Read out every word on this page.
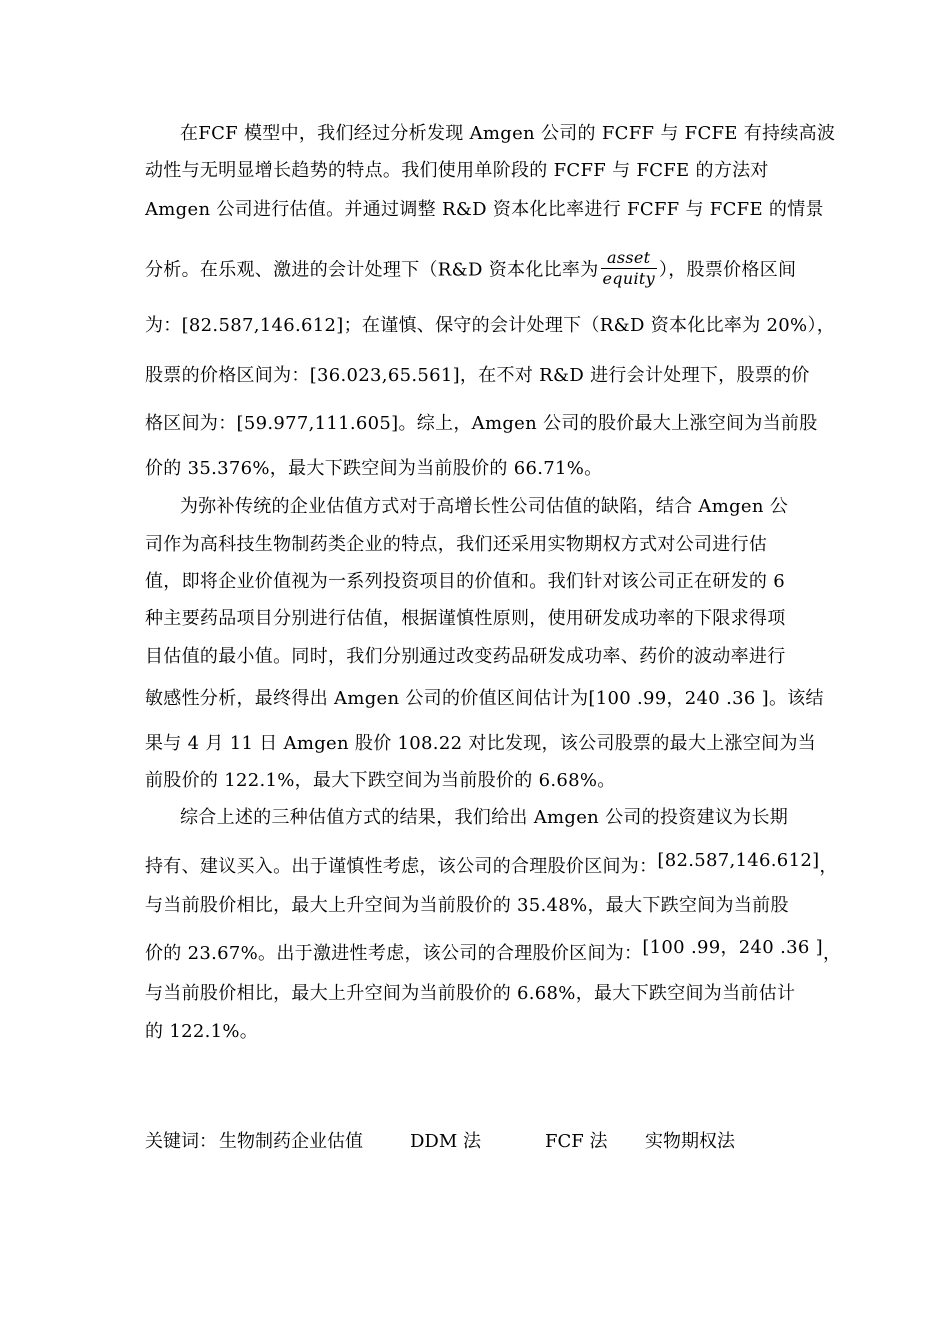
在FCF 模型中，我们经过分析发现 Amgen 公司的 FCFF 与 FCFE 有持续高波
动性与无明显增长趋势的特点。我们使用单阶段的 FCFF 与 FCFE 的方法对
Amgen 公司进行估值。并通过调整 R&D 资本化比率进行 FCFF 与 FCFE 的情景
分析。在乐观、激进的会计处理下（R&D 资本化比率为 $\frac{\text{asset}}{\text{equity}}$ ），股票价格区间
为：[82.587,146.612]；在谨慎、保守的会计处理下（R&D 资本化比率为 20%），
股票的价格区间为：[36.023,65.561]，在不对 R&D 进行会计处理下，股票的价
格区间为：[59.977,111.605]。综上，Amgen 公司的股价最大上涨空间为当前股
价的 35.376%，最大下跌空间为当前股价的 66.71%。
为弥补传统的企业估值方式对于高增长性公司估值的缺陷，结合 Amgen 公
司作为高科技生物制药类企业的特点，我们还采用实物期权方式对公司进行估
值，即将企业价值视为一系列投资项目的价值和。我们针对该公司正在研发的 6
种主要药品项目分别进行估值，根据谨慎性原则，使用研发成功率的下限求得项
目估值的最小值。同时，我们分别通过改变药品研发成功率、药价的波动率进行
敏感性分析，最终得出 Amgen 公司的价值区间估计为[100 .99，240 .36 ]。该结
果与 4 月 11 日 Amgen 股价 108.22 对比发现，该公司股票的最大上涨空间为当
前股价的 122.1%，最大下跌空间为当前股价的 6.68%。
综合上述的三种估值方式的结果，我们给出 Amgen 公司的投资建议为长期
持有、建议买入。出于谨慎性考虑，该公司的合理股价区间为：[82.587,146.612]，
与当前股价相比，最大上升空间为当前股价的 35.48%，最大下跌空间为当前股
价的 23.67%。出于激进性考虑，该公司的合理股价区间为：[100 .99，240 .36 ]，
与当前股价相比，最大上升空间为当前股价的 6.68%，最大下跌空间为当前估计
的 122.1%。
关键词： 生物制药企业估值	DDM 法	FCF 法 实物期权法
